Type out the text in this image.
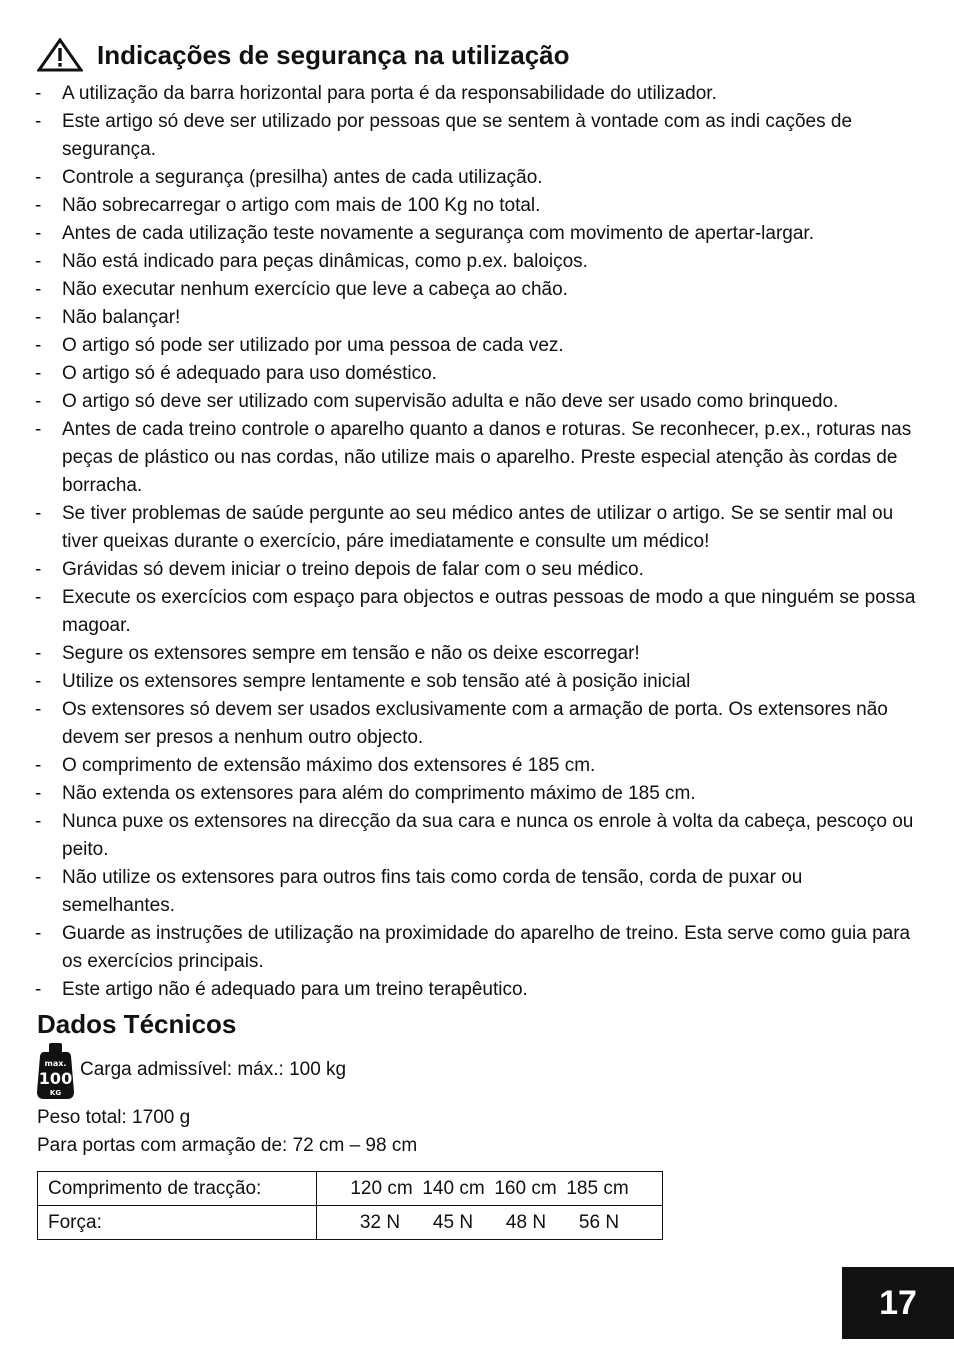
Indicações de segurança na utilização
-	A utilização da barra horizontal para porta é da responsabilidade do utilizador.
-	Este artigo só deve ser utilizado por pessoas que se sentem à vontade com as indi cações de segurança.
-	Controle a segurança (presilha) antes de cada utilização.
-	Não sobrecarregar o artigo com mais de 100 Kg no total.
-	Antes de cada utilização teste novamente a segurança com movimento de apertar-largar.
-	Não está indicado para peças dinâmicas, como p.ex. baloiços.
-	Não executar nenhum exercício que leve a cabeça ao chão.
-	Não balançar!
-	O artigo só pode ser utilizado por uma pessoa de cada vez.
-	O artigo só é adequado para uso doméstico.
-	O artigo só deve ser utilizado com supervisão adulta e não deve ser usado como brinquedo.
-	Antes de cada treino controle o aparelho quanto a danos e roturas. Se reconhecer, p.ex., roturas nas peças de plástico ou nas cordas, não utilize mais o aparelho. Preste especial atenção às cordas de borracha.
-	Se tiver problemas de saúde pergunte ao seu médico antes de utilizar o artigo. Se se sentir mal ou tiver queixas durante o exercício, páre imediatamente e consulte um médico!
-	Grávidas só devem iniciar o treino depois de falar com o seu médico.
-	Execute os exercícios com espaço para objectos e outras pessoas de modo a que ninguém se possa magoar.
-	Segure os extensores sempre em tensão e não os deixe escorregar!
-	Utilize os extensores sempre lentamente e sob tensão até à posição inicial
-	Os extensores só devem ser usados exclusivamente com a armação de porta. Os extensores não devem ser presos a nenhum outro objecto.
-	O comprimento de extensão máximo dos extensores é 185 cm.
-	Não extenda os extensores para além do comprimento máximo de 185 cm.
-	Nunca puxe os extensores na direcção da sua cara e nunca os enrole à volta da cabeça, pescoço ou peito.
-	Não utilize os extensores para outros fins tais como corda de tensão, corda de puxar ou semelhantes.
-	Guarde as instruções de utilização na proximidade do aparelho de treino. Esta serve como guia para os exercícios principais.
-	Este artigo não é adequado para um treino terapêutico.
Dados Técnicos
max.
100
KG
Carga admissível: máx.: 100 kg
Peso total: 1700 g
Para portas com armação de: 72 cm – 98 cm
Comprimento de tracção:	120 cm 140 cm 160 cm 185 cm

Força:	32 N 45 N 48 N 56 N
17
